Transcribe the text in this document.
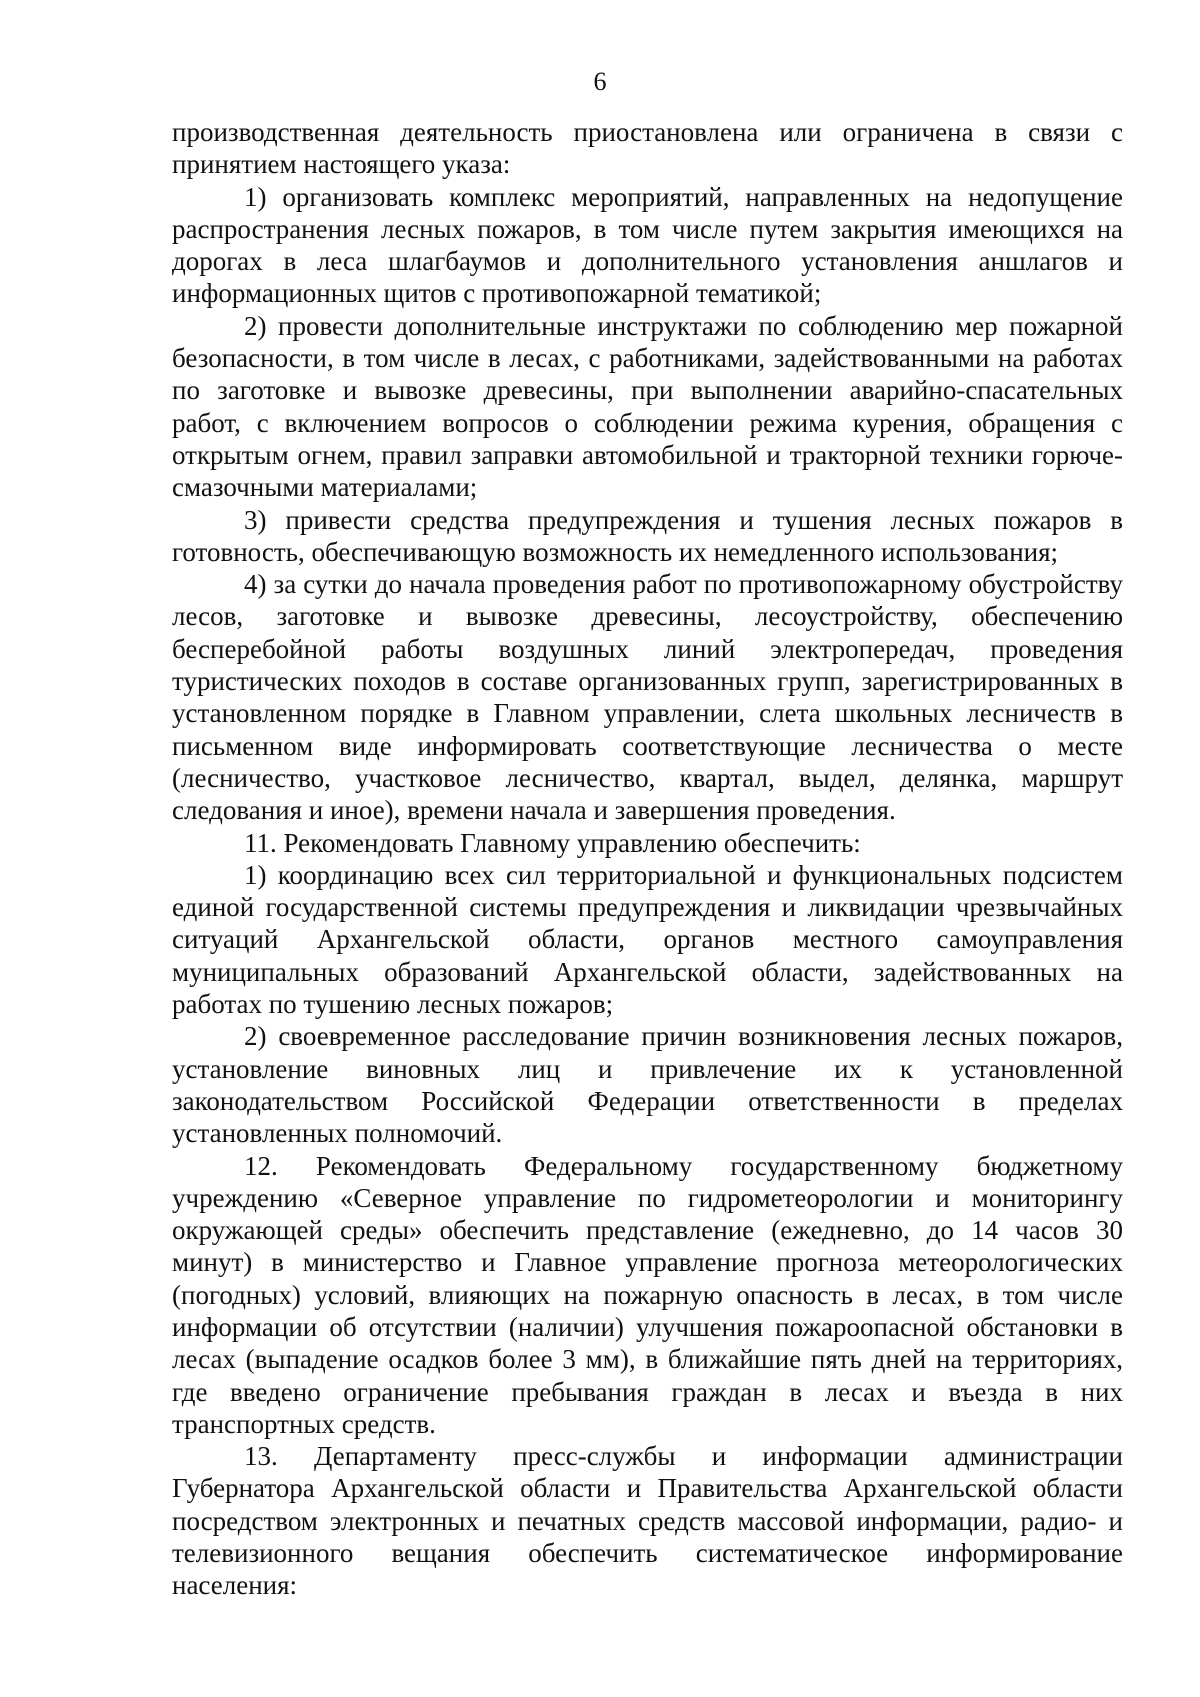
6

производственная деятельность приостановлена или ограничена в связи с принятием настоящего указа:

1) организовать комплекс мероприятий, направленных на недопущение распространения лесных пожаров, в том числе путем закрытия имеющихся на дорогах в леса шлагбаумов и дополнительного установления аншлагов и информационных щитов с противопожарной тематикой;

2) провести дополнительные инструктажи по соблюдению мер пожарной безопасности, в том числе в лесах, с работниками, задействованными на работах по заготовке и вывозке древесины, при выполнении аварийно-спасательных работ, с включением вопросов о соблюдении режима курения, обращения с открытым огнем, правил заправки автомобильной и тракторной техники горюче-смазочными материалами;

3) привести средства предупреждения и тушения лесных пожаров в готовность, обеспечивающую возможность их немедленного использования;

4) за сутки до начала проведения работ по противопожарному обустройству лесов, заготовке и вывозке древесины, лесоустройству, обеспечению бесперебойной работы воздушных линий электропередач, проведения туристических походов в составе организованных групп, зарегистрированных в установленном порядке в Главном управлении, слета школьных лесничеств в письменном виде информировать соответствующие лесничества о месте (лесничество, участковое лесничество, квартал, выдел, делянка, маршрут следования и иное), времени начала и завершения проведения.

11. Рекомендовать Главному управлению обеспечить:

1) координацию всех сил территориальной и функциональных подсистем единой государственной системы предупреждения и ликвидации чрезвычайных ситуаций Архангельской области, органов местного самоуправления муниципальных образований Архангельской области, задействованных на работах по тушению лесных пожаров;

2) своевременное расследование причин возникновения лесных пожаров, установление виновных лиц и привлечение их к установленной законодательством Российской Федерации ответственности в пределах установленных полномочий.

12. Рекомендовать Федеральному государственному бюджетному учреждению «Северное управление по гидрометеорологии и мониторингу окружающей среды» обеспечить представление (ежедневно, до 14 часов 30 минут) в министерство и Главное управление прогноза метеорологических (погодных) условий, влияющих на пожарную опасность в лесах, в том числе информации об отсутствии (наличии) улучшения пожароопасной обстановки в лесах (выпадение осадков более 3 мм), в ближайшие пять дней на территориях, где введено ограничение пребывания граждан в лесах и въезда в них транспортных средств.

13. Департаменту пресс-службы и информации администрации Губернатора Архангельской области и Правительства Архангельской области посредством электронных и печатных средств массовой информации, радио- и телевизионного вещания обеспечить систематическое информирование населения:
